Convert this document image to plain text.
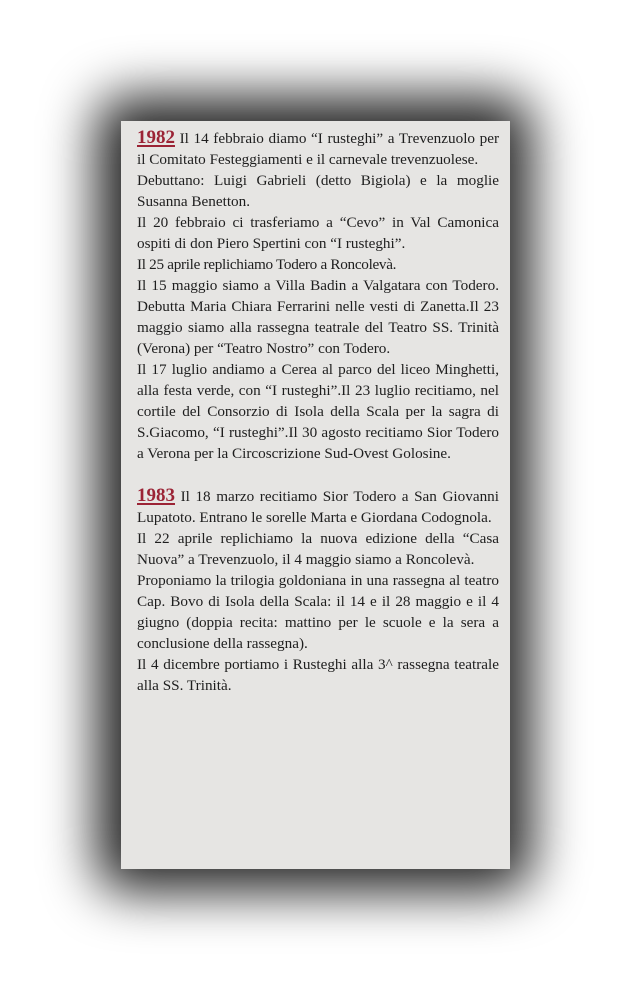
1982 Il 14 febbraio diamo “I rusteghi” a Trevenzuolo per il Comitato Festeggiamenti e il carnevale trevenzuolese.

Debuttano: Luigi Gabrieli (detto Bigiola) e la moglie Susanna Benetton.

Il 20 febbraio ci trasferiamo a “Cevo” in Val Camonica ospiti di don Piero Spertini con “I rusteghi”.

Il 25 aprile replichiamo Todero a Roncolevà.

Il 15 maggio siamo a Villa Badin a Valgatara con Todero. Debutta Maria Chiara Ferrarini nelle vesti di Zanetta.Il 23 maggio siamo alla rassegna teatrale del Teatro SS. Trinità (Verona) per “Teatro Nostro” con Todero.

Il 17 luglio andiamo a Cerea al parco del liceo Minghetti, alla festa verde, con “I rusteghi”.Il 23 luglio recitiamo, nel cortile del Consorzio di Isola della Scala per la sagra di S.Giacomo, “I rusteghi”.Il 30 agosto recitiamo Sior Todero a Verona per la Circoscrizione Sud-Ovest Golosine.

1983 Il 18 marzo recitiamo Sior Todero a San Giovanni Lupatoto. Entrano le sorelle Marta e Giordana Codognola.

Il 22 aprile replichiamo la nuova edizione della “Casa Nuova” a Trevenzuolo, il 4 maggio siamo a Roncolevà.

Proponiamo la trilogia goldoniana in una rassegna al teatro Cap. Bovo di Isola della Scala: il 14 e il 28 maggio e il 4 giugno (doppia recita: mattino per le scuole e la sera a conclusione della rassegna).

Il 4 dicembre portiamo i Rusteghi alla 3^ rassegna teatrale alla SS. Trinità.
